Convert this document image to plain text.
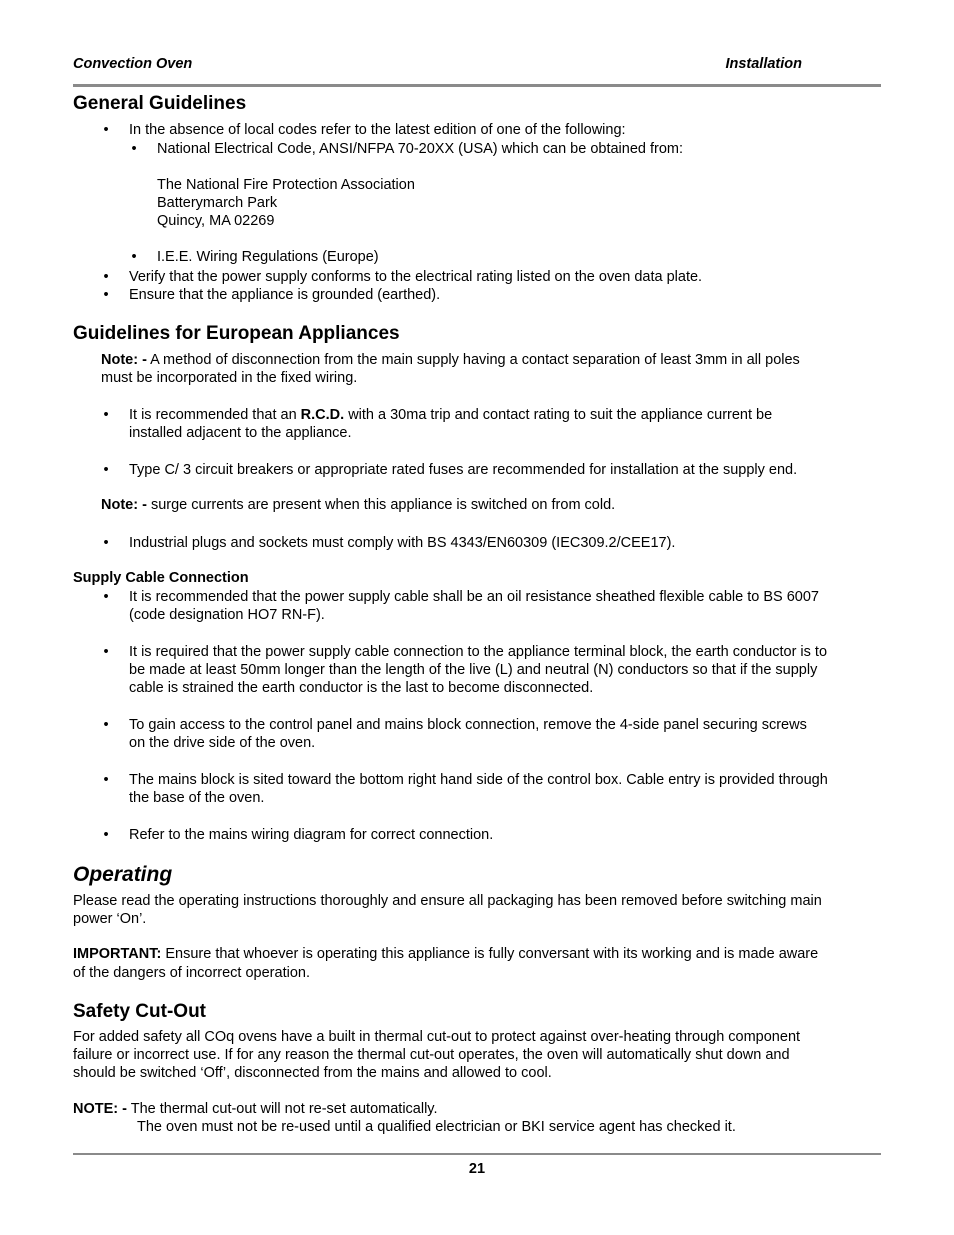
Convection Oven	Installation
General Guidelines
•
In the absence of local codes refer to the latest edition of one of the following:
•
National Electrical Code, ANSI/NFPA 70-20XX (USA) which can be obtained from:
The National Fire Protection Association
Batterymarch Park
Quincy, MA 02269
•
I.E.E. Wiring Regulations (Europe)
•
Verify that the power supply conforms to the electrical rating listed on the oven data plate.
•
Ensure that the appliance is grounded (earthed).
Guidelines for European Appliances
Note: - A method of disconnection from the main supply having a contact separation of least 3mm in all poles
must be incorporated in the fixed wiring.
•
It is recommended that an R.C.D. with a 30ma trip and contact rating to suit the appliance current be
installed adjacent to the appliance.
•
Type C/ 3 circuit breakers or appropriate rated fuses are recommended for installation at the supply end.
Note: - surge currents are present when this appliance is switched on from cold.
•
Industrial plugs and sockets must comply with BS 4343/EN60309 (IEC309.2/CEE17).
Supply Cable Connection
•
It is recommended that the power supply cable shall be an oil resistance sheathed flexible cable to BS 6007
(code designation HO7 RN-F).
•
It is required that the power supply cable connection to the appliance terminal block, the earth conductor is to
be made at least 50mm longer than the length of the live (L) and neutral (N) conductors so that if the supply
cable is strained the earth conductor is the last to become disconnected.
•
To gain access to the control panel and mains block connection, remove the 4-side panel securing screws
on the drive side of the oven.
•
The mains block is sited toward the bottom right hand side of the control box. Cable entry is provided through
the base of the oven.
•
Refer to the mains wiring diagram for correct connection.
Operating
Please read the operating instructions thoroughly and ensure all packaging has been removed before switching main
power ‘On’.
IMPORTANT: Ensure that whoever is operating this appliance is fully conversant with its working and is made aware
of the dangers of incorrect operation.
Safety Cut-Out
For added safety all COq ovens have a built in thermal cut-out to protect against over-heating through component
failure or incorrect use. If for any reason the thermal cut-out operates, the oven will automatically shut down and
should be switched ‘Off’, disconnected from the mains and allowed to cool.
NOTE: - The thermal cut-out will not re-set automatically.
The oven must not be re-used until a qualified electrician or BKI service agent has checked it.
21
